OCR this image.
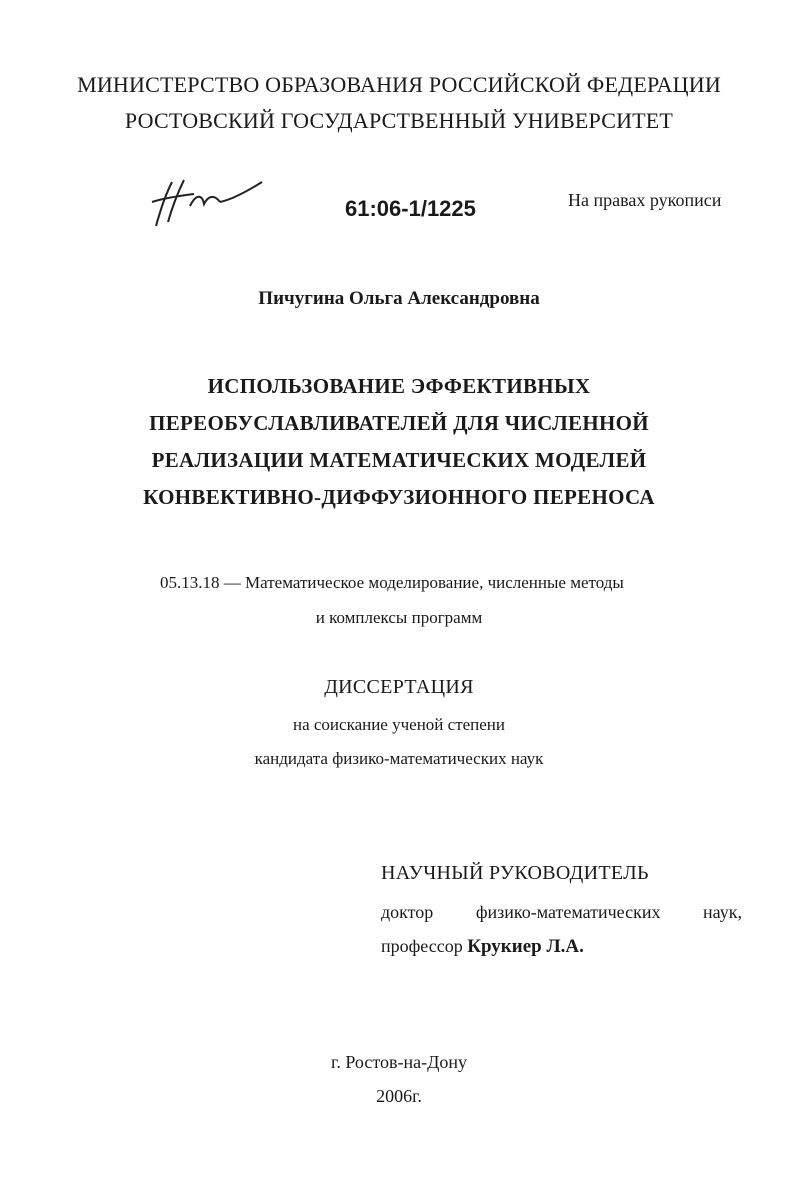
МИНИСТЕРСТВО ОБРАЗОВАНИЯ РОССИЙСКОЙ ФЕДЕРАЦИИ
РОСТОВСКИЙ ГОСУДАРСТВЕННЫЙ УНИВЕРСИТЕТ
61:06-1/1225	На правах рукописи
Пичугина Ольга Александровна
ИСПОЛЬЗОВАНИЕ ЭФФЕКТИВНЫХ
ПЕРЕОБУСЛАВЛИВАТЕЛЕЙ ДЛЯ ЧИСЛЕННОЙ
РЕАЛИЗАЦИИ МАТЕМАТИЧЕСКИХ МОДЕЛЕЙ
КОНВЕКТИВНО-ДИФФУЗИОННОГО ПЕРЕНОСА
05.13.18 — Математическое моделирование, численные методы
и комплексы программ
ДИССЕРТАЦИЯ
на соискание ученой степени
кандидата физико-математических наук
НАУЧНЫЙ РУКОВОДИТЕЛЬ
доктор физико-математических наук,
профессор Крукиер Л.А.
г. Ростов-на-Дону
2006г.
